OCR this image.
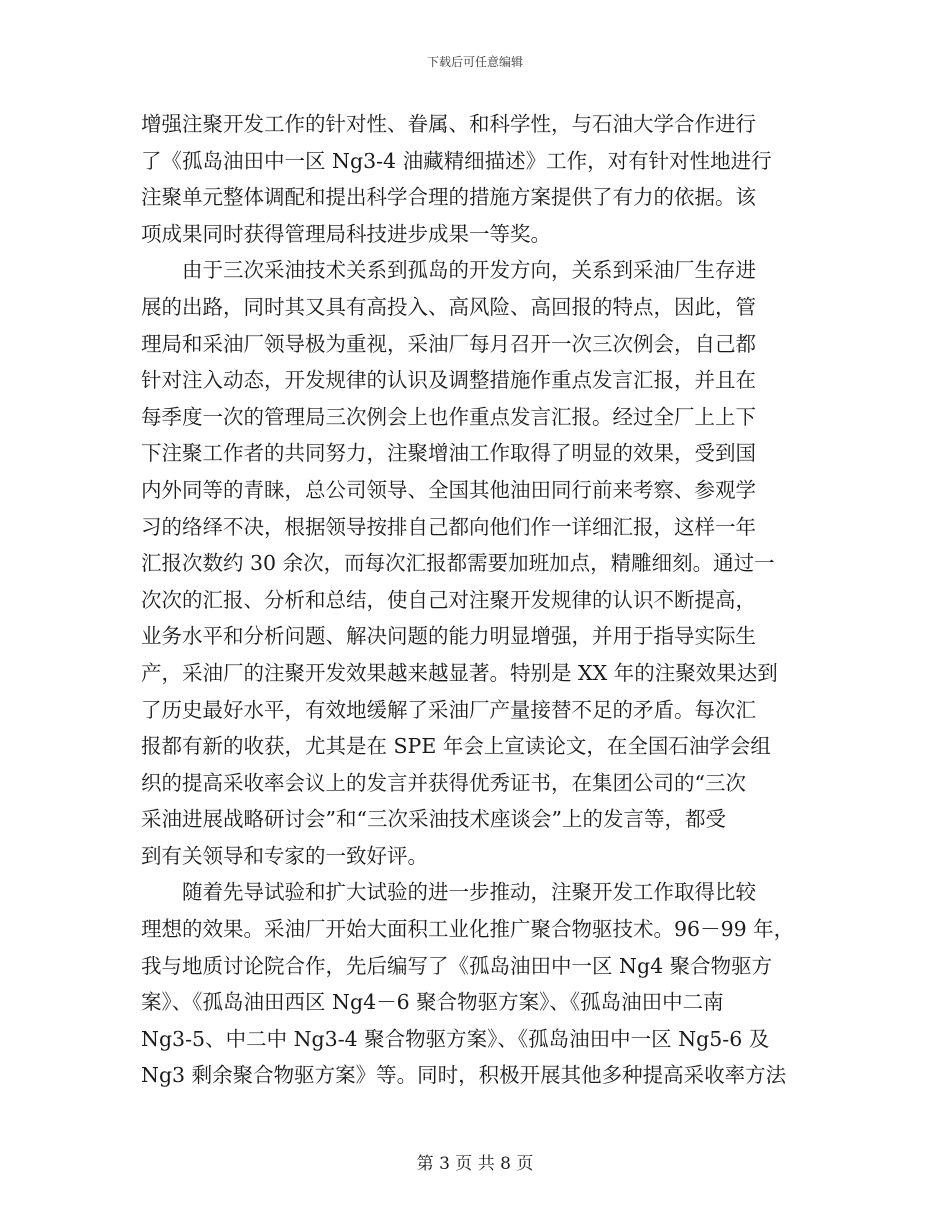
下载后可任意编辑
增强注聚开发工作的针对性、眷属、和科学性，与石油大学合作进行
了《孤岛油田中一区 Ng3-4 油藏精细描述》工作，对有针对性地进行
注聚单元整体调配和提出科学合理的措施方案提供了有力的依据。该
项成果同时获得管理局科技进步成果一等奖。
由于三次采油技术关系到孤岛的开发方向，关系到采油厂生存进
展的出路，同时其又具有高投入、高风险、高回报的特点，因此，管
理局和采油厂领导极为重视，采油厂每月召开一次三次例会，自己都
针对注入动态，开发规律的认识及调整措施作重点发言汇报，并且在
每季度一次的管理局三次例会上也作重点发言汇报。经过全厂上上下
下注聚工作者的共同努力，注聚增油工作取得了明显的效果，受到国
内外同等的青睐，总公司领导、全国其他油田同行前来考察、参观学
习的络绎不决，根据领导按排自己都向他们作一详细汇报，这样一年
汇报次数约 30 余次，而每次汇报都需要加班加点，精雕细刻。通过一
次次的汇报、分析和总结，使自己对注聚开发规律的认识不断提高，
业务水平和分析问题、解决问题的能力明显增强，并用于指导实际生
产，采油厂的注聚开发效果越来越显著。特别是 XX 年的注聚效果达到
了历史最好水平，有效地缓解了采油厂产量接替不足的矛盾。每次汇
报都有新的收获，尤其是在 SPE 年会上宣读论文，在全国石油学会组
织的提高采收率会议上的发言并获得优秀证书，在集团公司的“三次
采油进展战略研讨会”和“三次采油技术座谈会”上的发言等，都受
到有关领导和专家的一致好评。
随着先导试验和扩大试验的进一步推动，注聚开发工作取得比较
理想的效果。采油厂开始大面积工业化推广聚合物驱技术。96－99 年，
我与地质讨论院合作，先后编写了《孤岛油田中一区 Ng4 聚合物驱方
案》、《孤岛油田西区 Ng4－6 聚合物驱方案》、《孤岛油田中二南
Ng3-5、中二中 Ng3-4 聚合物驱方案》、《孤岛油田中一区 Ng5-6 及
Ng3 剩余聚合物驱方案》等。同时，积极开展其他多种提高采收率方法
第 3 页 共 8 页
